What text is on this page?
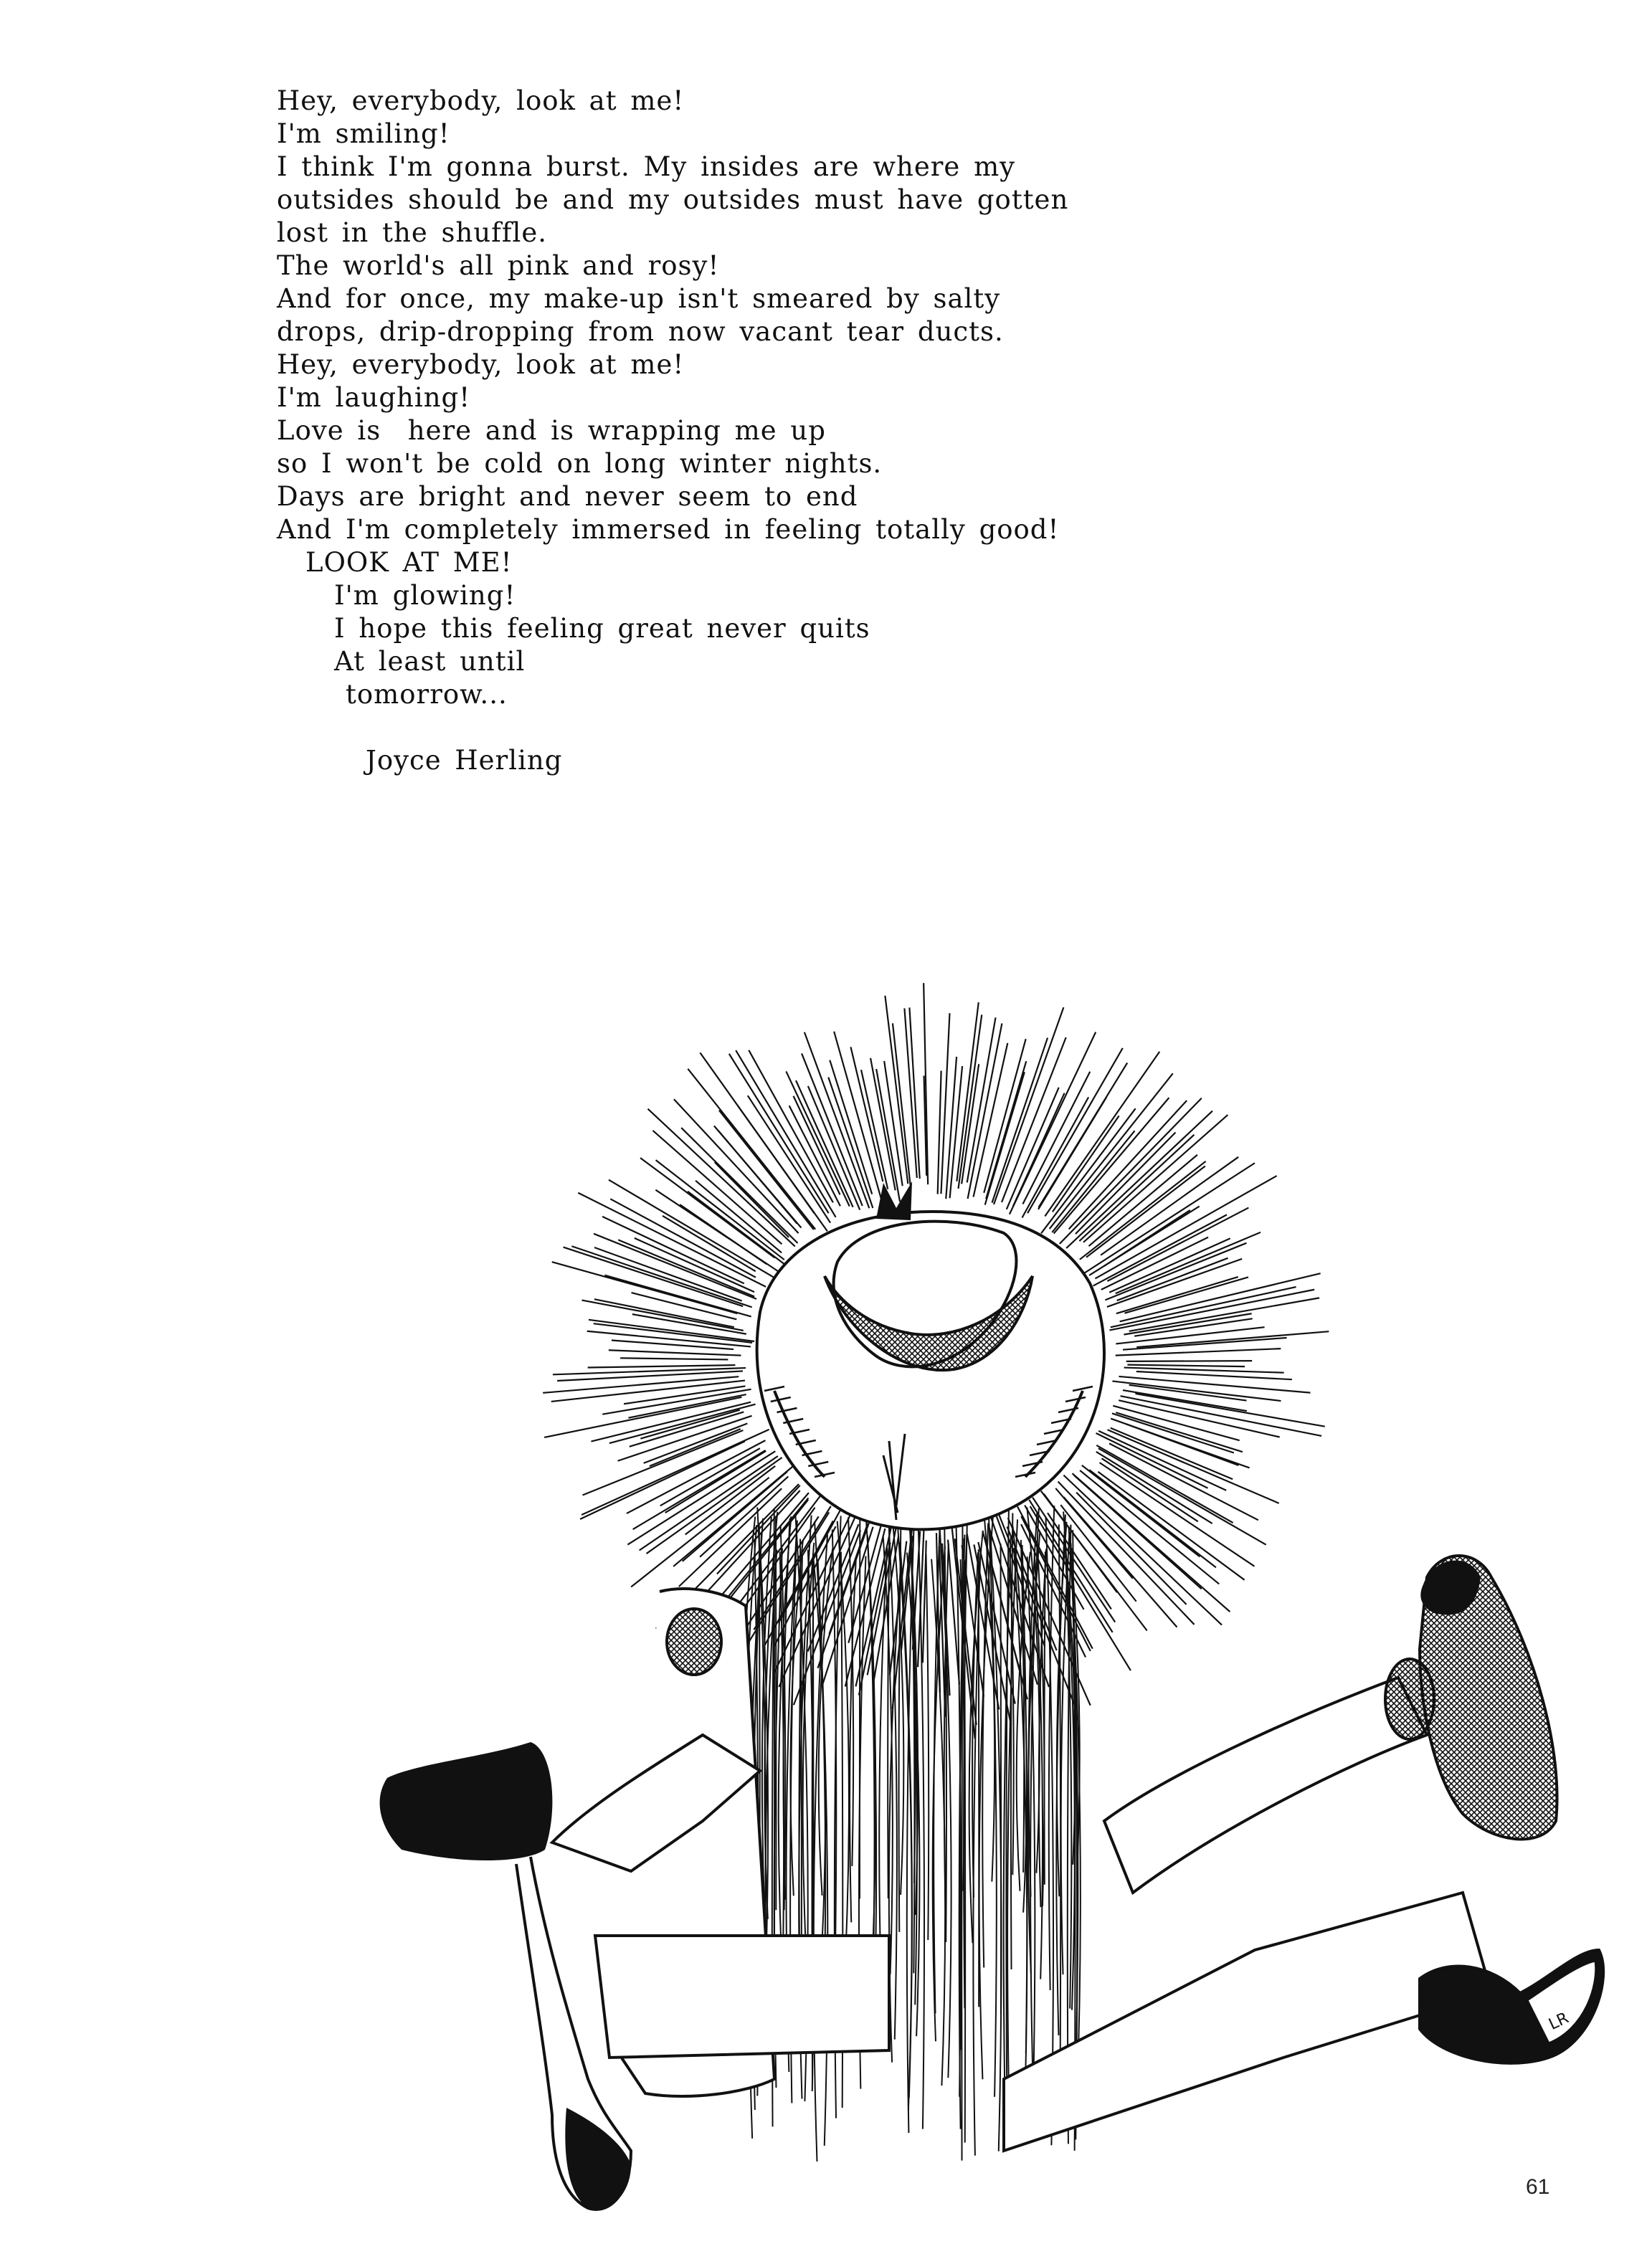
Hey, everybody, look at me!
I'm smiling!
I think I'm gonna burst. My insides are where my
outsides should be and my outsides must have gotten
lost in the shuffle.
The world's all pink and rosy!
And for once, my make-up isn't smeared by salty
drops, drip-dropping from now vacant tear ducts.
Hey, everybody, look at me!
I'm laughing!
Love is  here and is wrapping me up
so I won't be cold on long winter nights.
Days are bright and never seem to end
And I'm completely immersed in feeling totally good!
LOOK AT ME!
I'm glowing!
I hope this feeling great never quits
At least until
tomorrow...
Joyce Herling
LR
61
